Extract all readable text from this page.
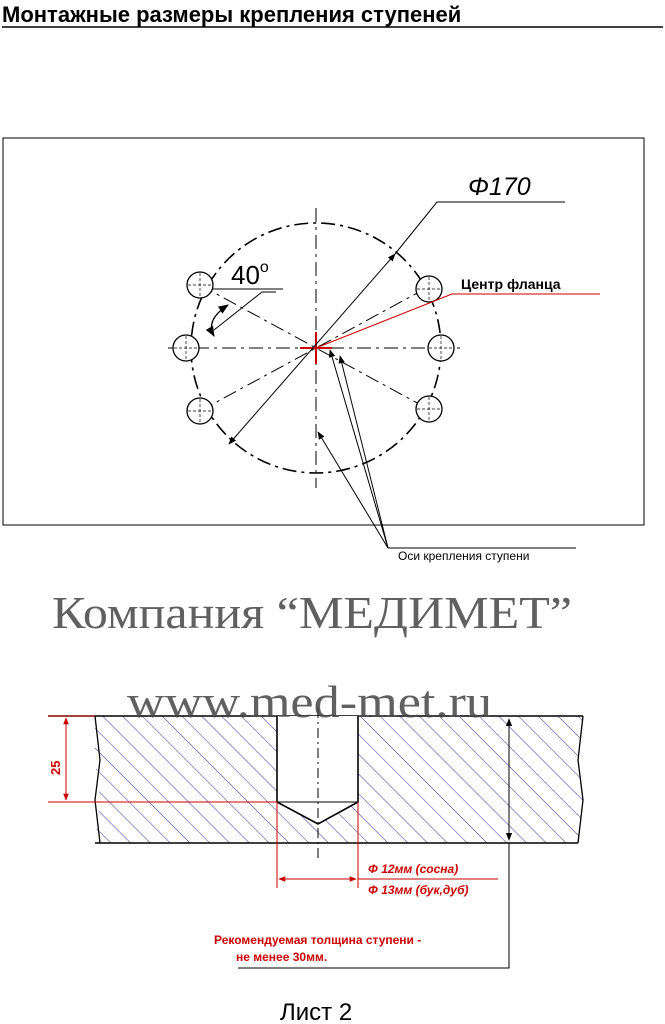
Монтажные размеры крепления ступеней
Φ170
40$^o$
Центр фланца
Оси крепления ступени
25
Φ 12мм (сосна)
Φ 13мм (бук,дуб)
Рекомендуемая толщина ступени -
не менее 30мм.
Компания “МЕДИМЕТ”
www.med-met.ru
Лист 2
